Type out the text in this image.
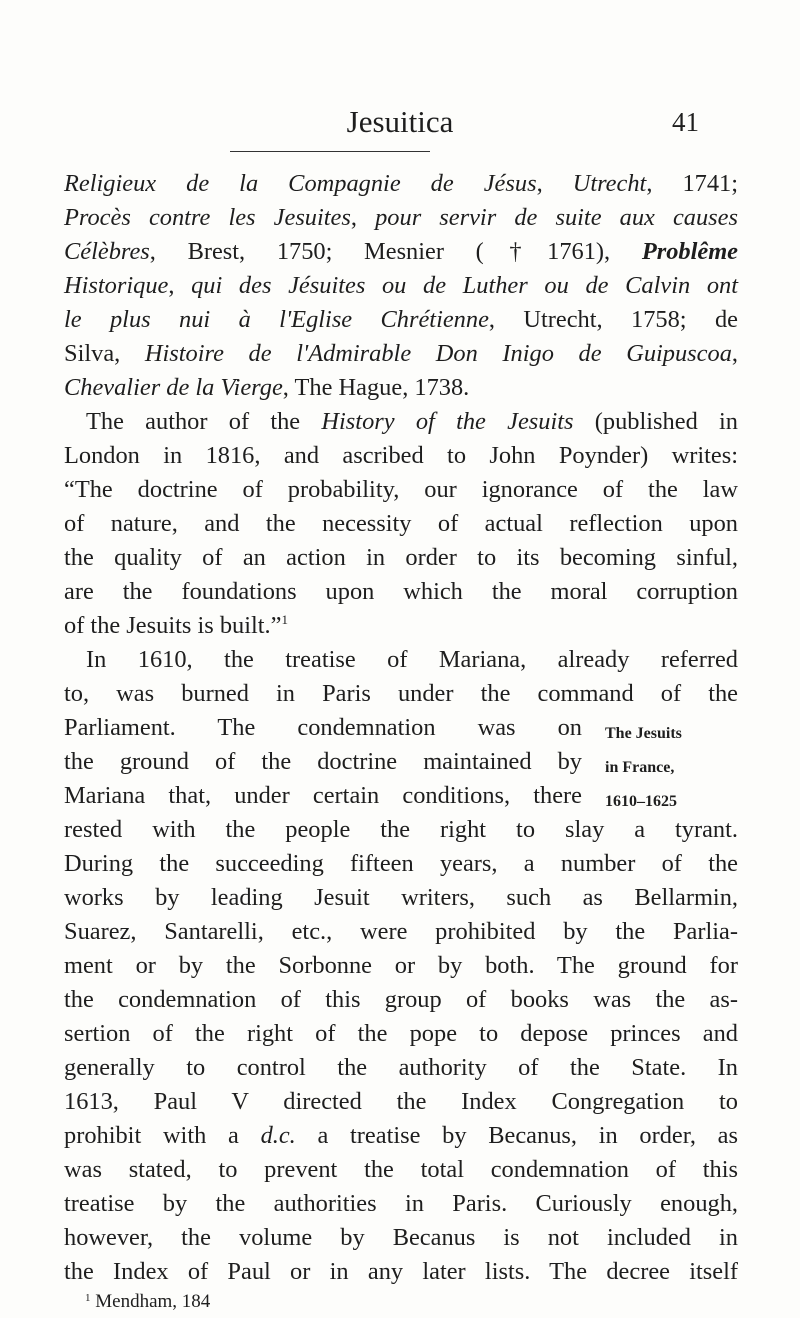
Jesuitica	41
Religieux de la Compagnie de Jésus, Utrecht, 1741;
Procès contre les Jesuites, pour servir de suite aux causes
Célèbres, Brest, 1750; Mesnier (†1761), Problême
Historique, qui des Jésuites ou de Luther ou de Calvin ont
le plus nui à l'Eglise Chrétienne, Utrecht, 1758; de
Silva, Histoire de l'Admirable Don Inigo de Guipuscoa,
Chevalier de la Vierge, The Hague, 1738.
The author of the History of the Jesuits (published in
London in 1816, and ascribed to John Poynder) writes:
“The doctrine of probability, our ignorance of the law
of nature, and the necessity of actual reflection upon
the quality of an action in order to its becoming sinful,
are the foundations upon which the moral corruption
of the Jesuits is built.”$^1$
In 1610, the treatise of Mariana, already referred
to, was burned in Paris under the command of the
Parliament. The condemnation was on
the ground of the doctrine maintained by
Mariana that, under certain conditions, there
rested with the people the right to slay a tyrant.
During the succeeding fifteen years, a number of the
works by leading Jesuit writers, such as Bellarmin,
Suarez, Santarelli, etc., were prohibited by the Parlia-
ment or by the Sorbonne or by both. The ground for
the condemnation of this group of books was the as-
sertion of the right of the pope to depose princes and
generally to control the authority of the State. In
1613, Paul V directed the Index Congregation to
prohibit with a d.c. a treatise by Becanus, in order, as
was stated, to prevent the total condemnation of this
treatise by the authorities in Paris. Curiously enough,
however, the volume by Becanus is not included in
the Index of Paul or in any later lists. The decree itself
The Jesuits
in France,
1610–1625
$^1$ Mendham, 184
